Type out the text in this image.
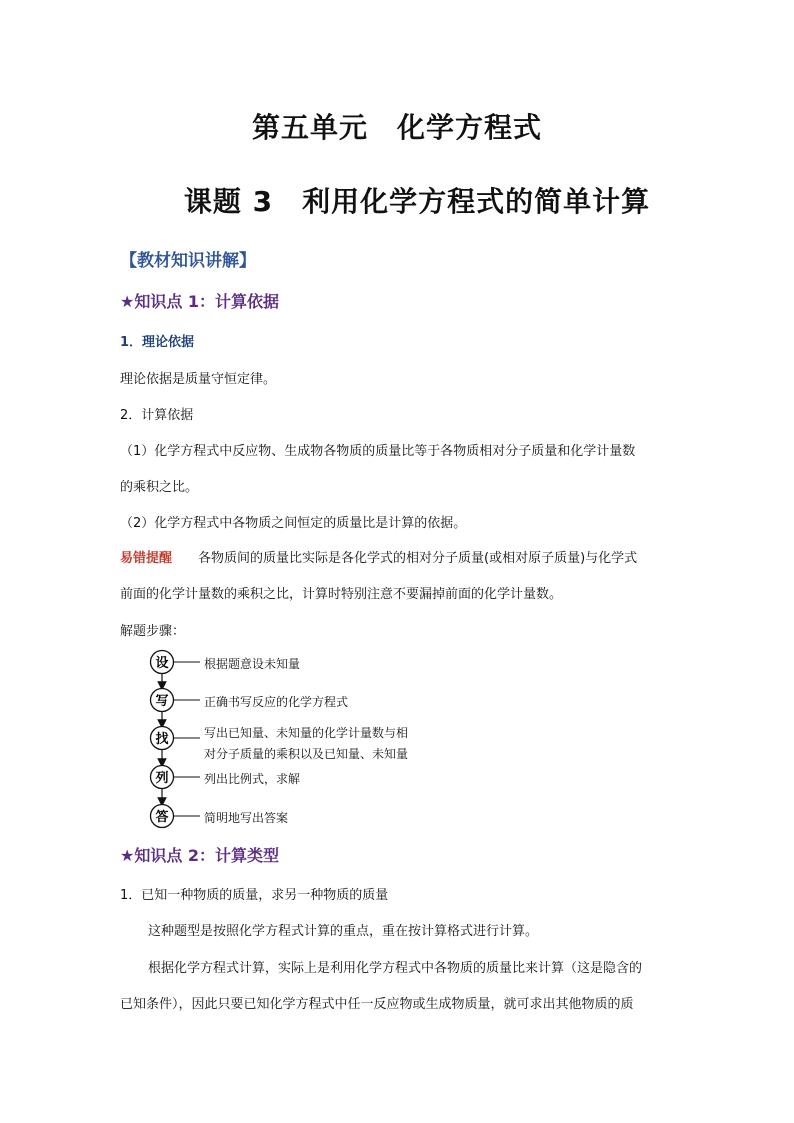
第五单元　化学方程式
课题 3　利用化学方程式的简单计算
【教材知识讲解】
★知识点 1：计算依据
1．理论依据
理论依据是质量守恒定律。
2．计算依据
（1）化学方程式中反应物、生成物各物质的质量比等于各物质相对分子质量和化学计量数
的乘积之比。
（2）化学方程式中各物质之间恒定的质量比是计算的依据。
易错提醒 各物质间的质量比实际是各化学式的相对分子质量(或相对原子质量)与化学式
前面的化学计量数的乘积之比，计算时特别注意不要漏掉前面的化学计量数。
解题步骤：
设
写
找
列
答
根据题意设未知量
正确书写反应的化学方程式
写出已知量、未知量的化学计量数与相
对分子质量的乘积以及已知量、未知量
列出比例式，求解
简明地写出答案
★知识点 2：计算类型
1．已知一种物质的质量，求另一种物质的质量
这种题型是按照化学方程式计算的重点，重在按计算格式进行计算。
根据化学方程式计算，实际上是利用化学方程式中各物质的质量比来计算（这是隐含的
已知条件），因此只要已知化学方程式中任一反应物或生成物质量，就可求出其他物质的质
